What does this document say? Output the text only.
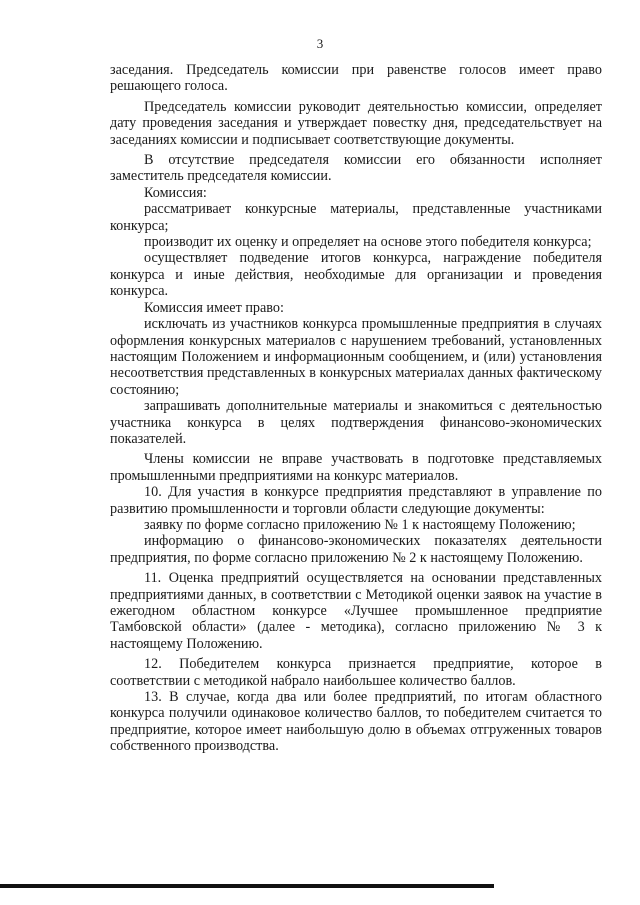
3

заседания. Председатель комиссии при равенстве голосов имеет право решающего голоса.

Председатель комиссии руководит деятельностью комиссии, определяет дату проведения заседания и утверждает повестку дня, председательствует на заседаниях комиссии и подписывает соответствующие документы.

В отсутствие председателя комиссии его обязанности исполняет заместитель председателя комиссии.

Комиссия:

рассматривает конкурсные материалы, представленные участниками конкурса;

производит их оценку и определяет на основе этого победителя конкурса;

осуществляет подведение итогов конкурса, награждение победителя конкурса и иные действия, необходимые для организации и проведения конкурса.

Комиссия имеет право:

исключать из участников конкурса промышленные предприятия в случаях оформления конкурсных материалов с нарушением требований, установленных настоящим Положением и информационным сообщением, и (или) установления несоответствия представленных в конкурсных материалах данных фактическому состоянию;

запрашивать дополнительные материалы и знакомиться с деятельностью участника конкурса в целях подтверждения финансово-экономических показателей.

Члены комиссии не вправе участвовать в подготовке представляемых промышленными предприятиями на конкурс материалов.

10. Для участия в конкурсе предприятия представляют в управление по развитию промышленности и торговли области следующие документы:

заявку по форме согласно приложению № 1 к настоящему Положению;

информацию о финансово-экономических показателях деятельности предприятия, по форме согласно приложению № 2 к настоящему Положению.

11. Оценка предприятий осуществляется на основании представленных предприятиями данных, в соответствии с Методикой оценки заявок на участие в ежегодном областном конкурсе «Лучшее промышленное предприятие Тамбовской области» (далее - методика), согласно приложению № 3 к настоящему Положению.

12. Победителем конкурса признается предприятие, которое в соответствии с методикой набрало наибольшее количество баллов.

13. В случае, когда два или более предприятий, по итогам областного конкурса получили одинаковое количество баллов, то победителем считается то предприятие, которое имеет наибольшую долю в объемах отгруженных товаров собственного производства.
